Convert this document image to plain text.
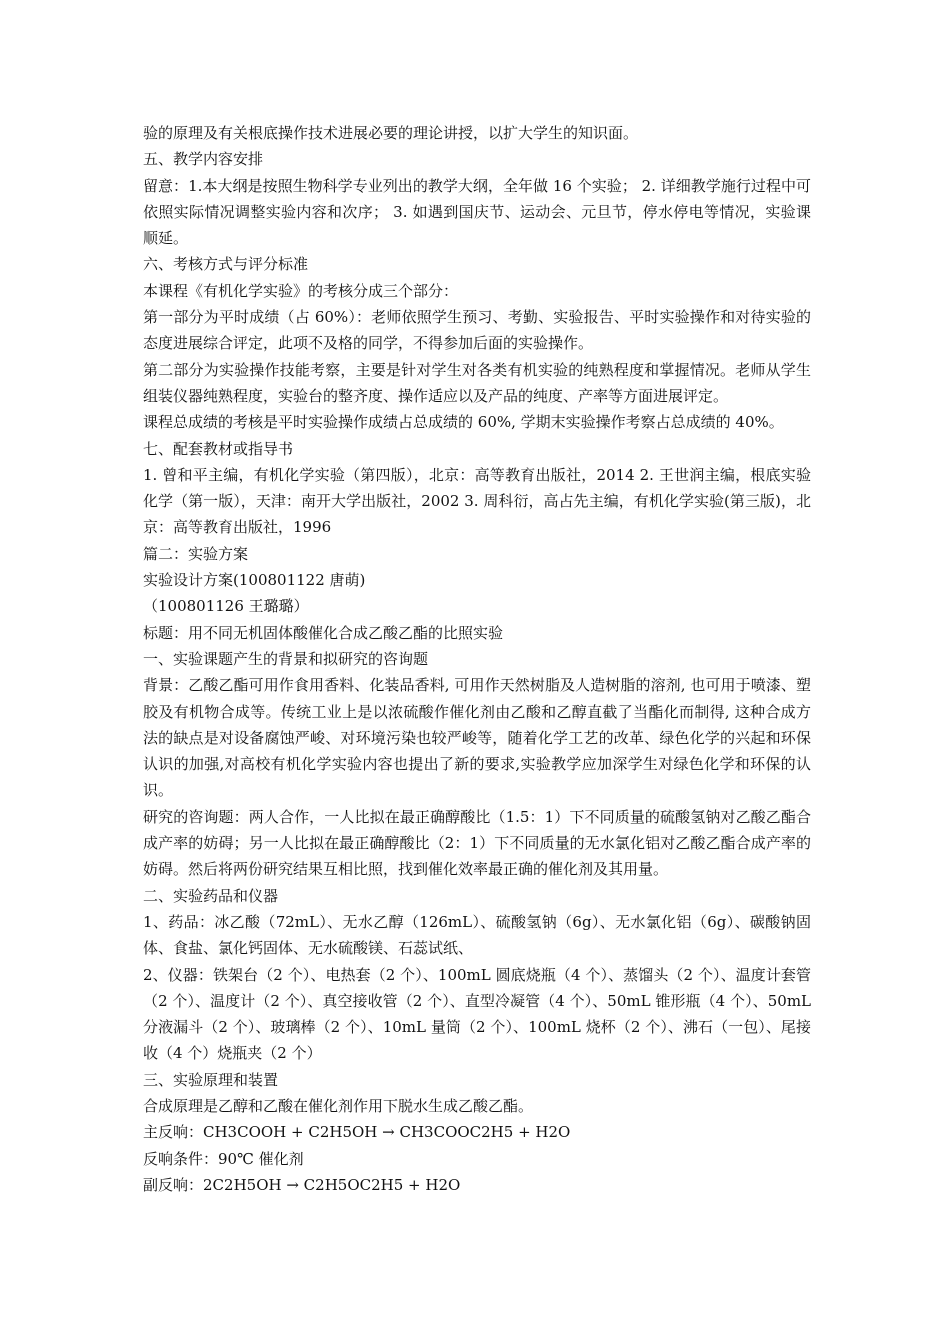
验的原理及有关根底操作技术进展必要的理论讲授，以扩大学生的知识面。

五、教学内容安排

留意：1.本大纲是按照生物科学专业列出的教学大纲，全年做 16 个实验； 2. 详细教学施行过程中可依照实际情况调整实验内容和次序； 3. 如遇到国庆节、运动会、元旦节，停水停电等情况，实验课顺延。

六、考核方式与评分标准

本课程《有机化学实验》的考核分成三个部分：

第一部分为平时成绩（占 60%）：老师依照学生预习、考勤、实验报告、平时实验操作和对待实验的态度进展综合评定，此项不及格的同学，不得参加后面的实验操作。

第二部分为实验操作技能考察，主要是针对学生对各类有机实验的纯熟程度和掌握情况。老师从学生组装仪器纯熟程度，实验台的整齐度、操作适应以及产品的纯度、产率等方面进展评定。

课程总成绩的考核是平时实验操作成绩占总成绩的 60%, 学期末实验操作考察占总成绩的 40%。

七、配套教材或指导书

1. 曾和平主编，有机化学实验（第四版），北京：高等教育出版社，2014 2. 王世润主编，根底实验化学（第一版），天津：南开大学出版社，2002 3. 周科衍，高占先主编，有机化学实验(第三版)，北京：高等教育出版社，1996

篇二：实验方案

实验设计方案(100801122 唐萌)

（100801126 王璐璐）

标题：用不同无机固体酸催化合成乙酸乙酯的比照实验

一、实验课题产生的背景和拟研究的咨询题

背景：乙酸乙酯可用作食用香料、化装品香料, 可用作天然树脂及人造树脂的溶剂, 也可用于喷漆、塑胶及有机物合成等。传统工业上是以浓硫酸作催化剂由乙酸和乙醇直截了当酯化而制得, 这种合成方法的缺点是对设备腐蚀严峻、对环境污染也较严峻等，随着化学工艺的改革、绿色化学的兴起和环保认识的加强,对高校有机化学实验内容也提出了新的要求,实验教学应加深学生对绿色化学和环保的认识。

研究的咨询题：两人合作，一人比拟在最正确醇酸比（1.5：1）下不同质量的硫酸氢钠对乙酸乙酯合成产率的妨碍；另一人比拟在最正确醇酸比（2：1）下不同质量的无水氯化铝对乙酸乙酯合成产率的妨碍。然后将两份研究结果互相比照，找到催化效率最正确的催化剂及其用量。

二、实验药品和仪器

1、药品：冰乙酸（72mL）、无水乙醇（126mL）、硫酸氢钠（6g）、无水氯化铝（6g）、碳酸钠固体、食盐、氯化钙固体、无水硫酸镁、石蕊试纸、

2、仪器：铁架台（2 个）、电热套（2 个）、100mL 圆底烧瓶（4 个）、蒸馏头（2 个）、温度计套管（2 个）、温度计（2 个）、真空接收管（2 个）、直型冷凝管（4 个）、50mL 锥形瓶（4 个）、50mL 分液漏斗（2 个）、玻璃棒（2 个）、10mL 量筒（2 个）、100mL 烧杯（2 个）、沸石（一包）、尾接收（4 个）烧瓶夹（2 个）

三、实验原理和装置

合成原理是乙醇和乙酸在催化剂作用下脱水生成乙酸乙酯。

主反响：CH3COOH + C2H5OH → CH3COOC2H5 + H2O

反响条件：90℃ 催化剂

副反响：2C2H5OH → C2H5OC2H5 + H2O
